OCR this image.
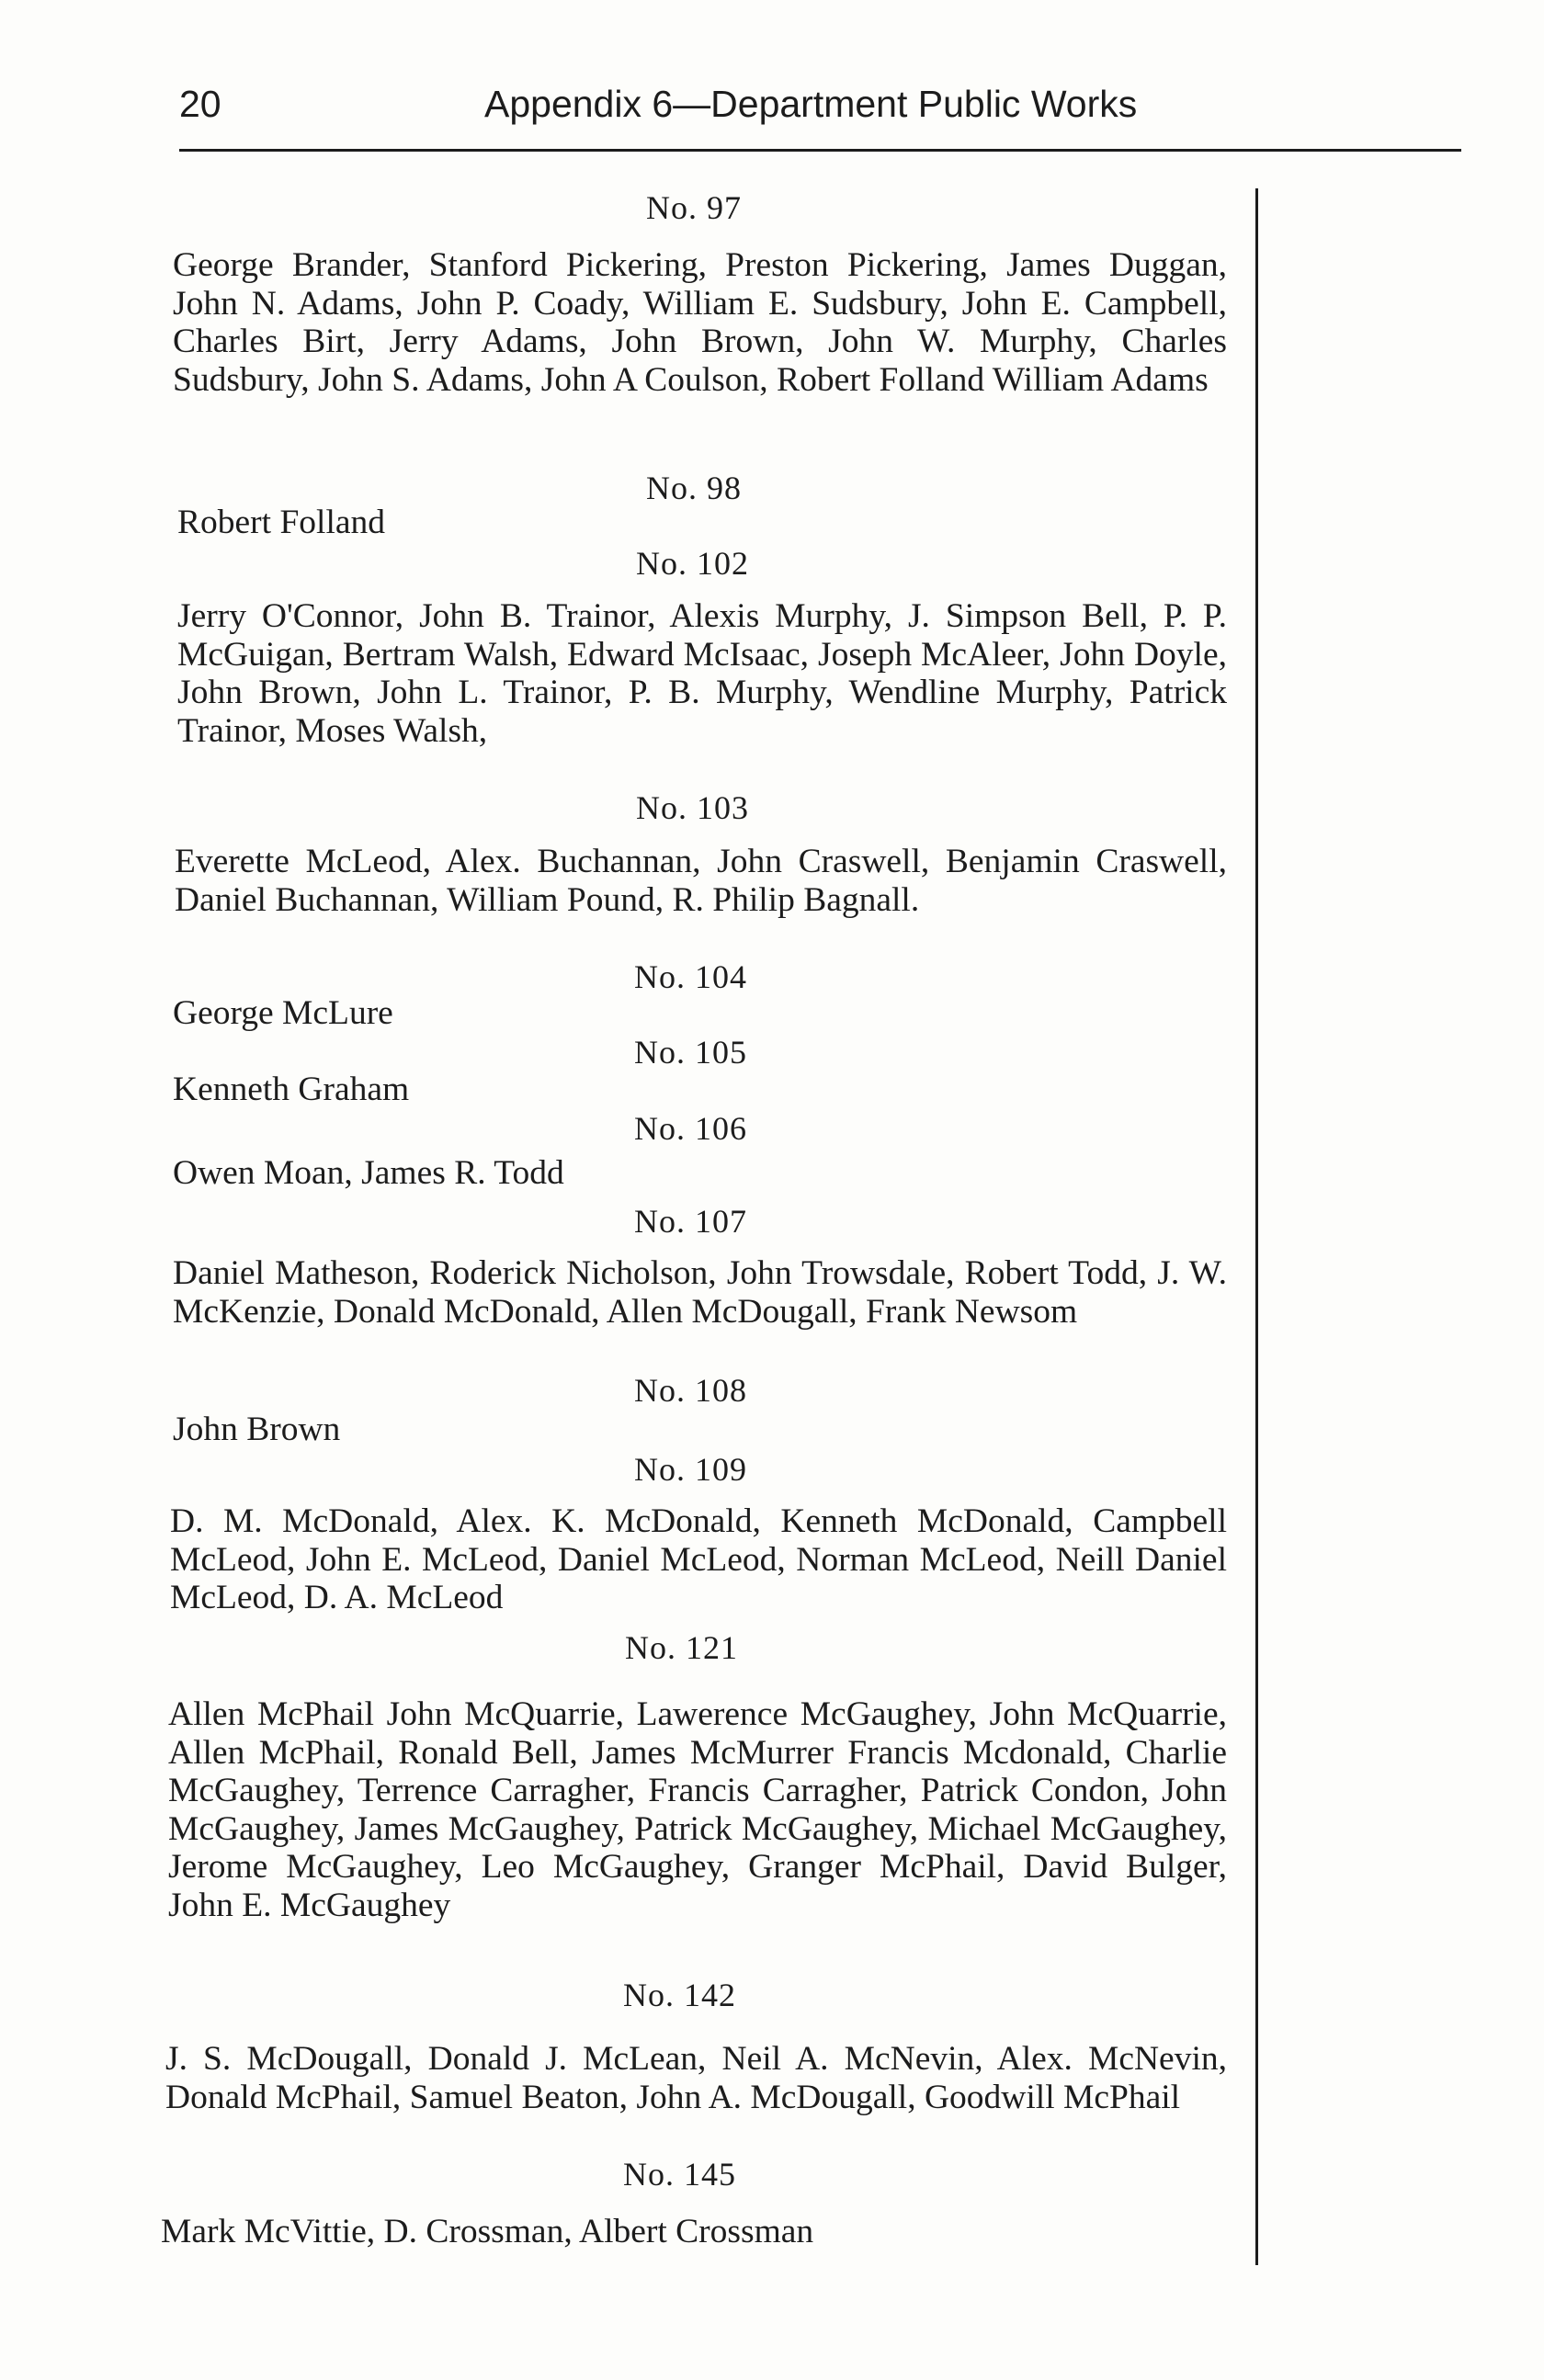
20	Appendix 6—Department Public Works
No. 97
George Brander, Stanford Pickering, Preston Pickering, James Duggan, John N. Adams, John P. Coady, William E. Sudsbury, John E. Campbell, Charles Birt, Jerry Adams, John Brown, John W. Murphy, Charles Sudsbury, John S. Adams, John A Coulson, Robert Folland William Adams
No. 98
Robert Folland
No. 102
Jerry O'Connor, John B. Trainor, Alexis Murphy, J. Simpson Bell, P. P. McGuigan, Bertram Walsh, Edward McIsaac, Joseph McAleer, John Doyle, John Brown, John L. Trainor, P. B. Murphy, Wendline Murphy, Patrick Trainor, Moses Walsh,
No. 103
Everette McLeod, Alex. Buchannan, John Craswell, Benjamin Craswell, Daniel Buchannan, William Pound, R. Philip Bagnall.
No. 104
George McLure
No. 105
Kenneth Graham
No. 106
Owen Moan, James R. Todd
No. 107
Daniel Matheson, Roderick Nicholson, John Trowsdale, Robert Todd, J. W. McKenzie, Donald McDonald, Allen McDougall, Frank Newsom
No. 108
John Brown
No. 109
D. M. McDonald, Alex. K. McDonald, Kenneth McDonald, Campbell McLeod, John E. McLeod, Daniel McLeod, Norman McLeod, Neill Daniel McLeod, D. A. McLeod
No. 121
Allen McPhail John McQuarrie, Lawerence McGaughey, John McQuarrie, Allen McPhail, Ronald Bell, James McMurrer Francis Mcdonald, Charlie McGaughey, Terrence Carragher, Francis Carragher, Patrick Condon, John McGaughey, James McGaughey, Patrick McGaughey, Michael McGaughey, Jerome McGaughey, Leo McGaughey, Granger McPhail, David Bulger, John E. McGaughey
No. 142
J. S. McDougall, Donald J. McLean, Neil A. McNevin, Alex. McNevin, Donald McPhail, Samuel Beaton, John A. McDougall, Goodwill McPhail
No. 145
Mark McVittie, D. Crossman, Albert Crossman
